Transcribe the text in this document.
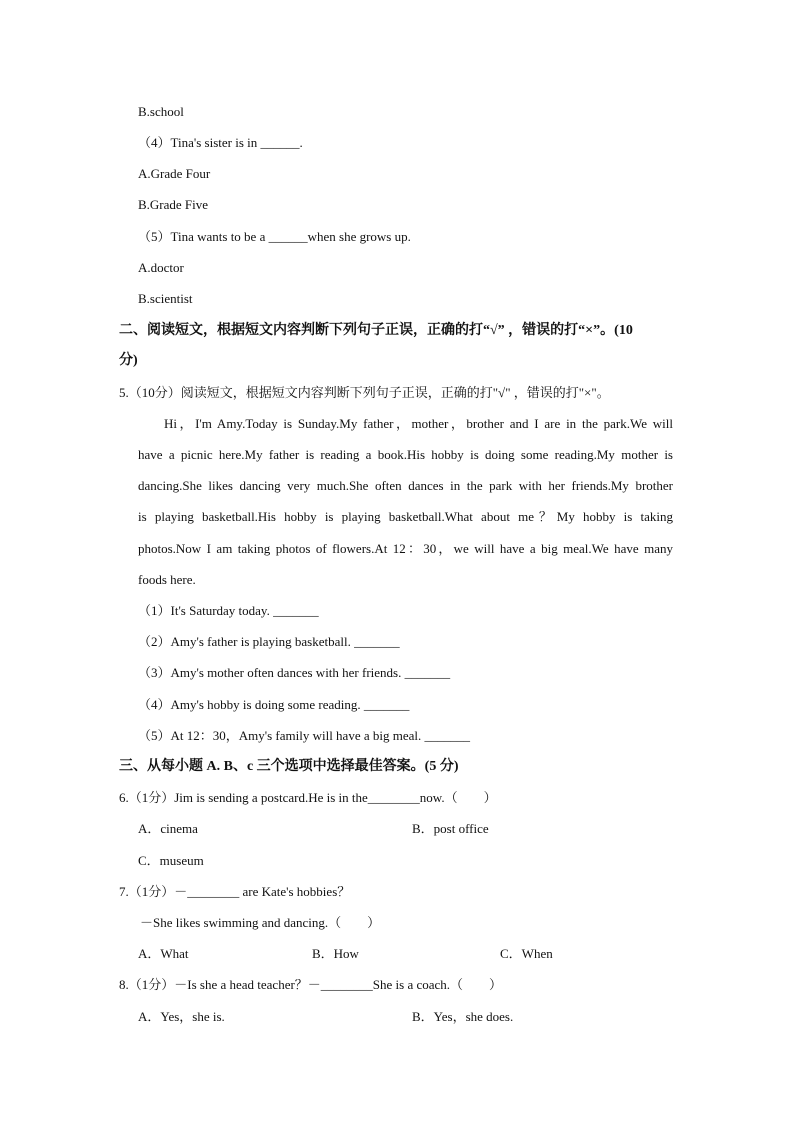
B.school
（4）Tina's sister is in ______.
A.Grade Four
B.Grade Five
（5）Tina wants to be a ______when she grows up.
A.doctor
B.scientist
二、阅读短文，根据短文内容判断下列句子正误，正确的打“√” ，错误的打“×”。(10
分)
5.（10分）阅读短文，根据短文内容判断下列句子正误，正确的打"√" ，错误的打"×"。
Hi，I'm Amy.Today is Sunday.My father，mother，brother and I are in the park.We will
have a picnic here.My father is reading a book.His hobby is doing some reading.My mother is
dancing.She likes dancing very much.She often dances in the park with her friends.My brother
is playing basketball.His hobby is playing basketball.What about me？My hobby is taking
photos.Now I am taking photos of flowers.At 12：30，we will have a big meal.We have many
foods here.
（1）It's Saturday today. _______
（2）Amy's father is playing basketball. _______
（3）Amy's mother often dances with her friends. _______
（4）Amy's hobby is doing some reading. _______
（5）At 12：30，Amy's family will have a big meal. _______
三、从每小题 A. B、c 三个选项中选择最佳答案。(5 分)
6.（1分）Jim is sending a postcard.He is in the________now.（　　）
A．cinema	B．post office
C．museum
7.（1分）－________ are Kate's hobbies？
－She likes swimming and dancing.（　　）
A．What	B．How	C．When
8.（1分）－Is she a head teacher？－________She is a coach.（　　）
A．Yes，she is.	B．Yes，she does.
